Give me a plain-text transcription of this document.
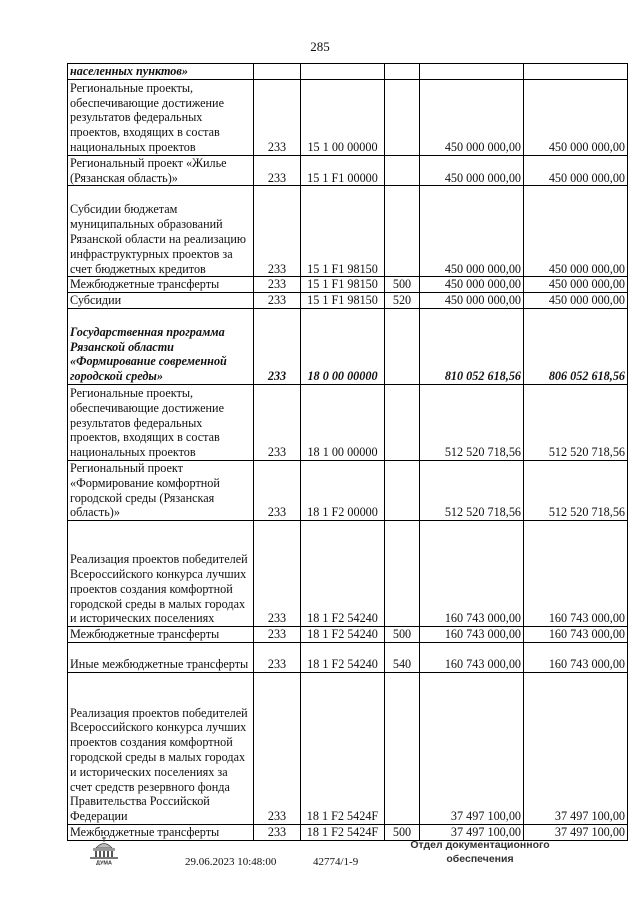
285
населенных пунктов»					
Региональные проекты, обеспечивающие достижение результатов федеральных проектов, входящих в состав национальных проектов	233	15 1 00 00000		450 000 000,00	450 000 000,00
Региональный проект «Жилье (Рязанская область)»	233	15 1 F1 00000		450 000 000,00	450 000 000,00
Субсидии бюджетам муниципальных образований Рязанской области на реализацию инфраструктурных проектов за счет бюджетных кредитов	233	15 1 F1 98150		450 000 000,00	450 000 000,00
Межбюджетные трансферты	233	15 1 F1 98150	500	450 000 000,00	450 000 000,00
Субсидии	233	15 1 F1 98150	520	450 000 000,00	450 000 000,00
Государственная программа Рязанской области «Формирование современной городской среды»	233	18 0 00 00000		810 052 618,56	806 052 618,56
Региональные проекты, обеспечивающие достижение результатов федеральных проектов, входящих в состав национальных проектов	233	18 1 00 00000		512 520 718,56	512 520 718,56
Региональный проект «Формирование комфортной городской среды (Рязанская область)»	233	18 1 F2 00000		512 520 718,56	512 520 718,56
Реализация проектов победителей Всероссийского конкурса лучших проектов создания комфортной городской среды в малых городах и исторических поселениях	233	18 1 F2 54240		160 743 000,00	160 743 000,00
Межбюджетные трансферты	233	18 1 F2 54240	500	160 743 000,00	160 743 000,00
Иные межбюджетные трансферты	233	18 1 F2 54240	540	160 743 000,00	160 743 000,00
Реализация проектов победителей Всероссийского конкурса лучших проектов создания комфортной городской среды в малых городах и исторических поселениях за счет средств резервного фонда Правительства Российской Федерации	233	18 1 F2 5424F		37 497 100,00	37 497 100,00
Межбюджетные трансферты	233	18 1 F2 5424F	500	37 497 100,00	37 497 100,00
ДУМА	29.06.2023 10:48:00	42774/1-9
Отдел документационного
обеспечения
